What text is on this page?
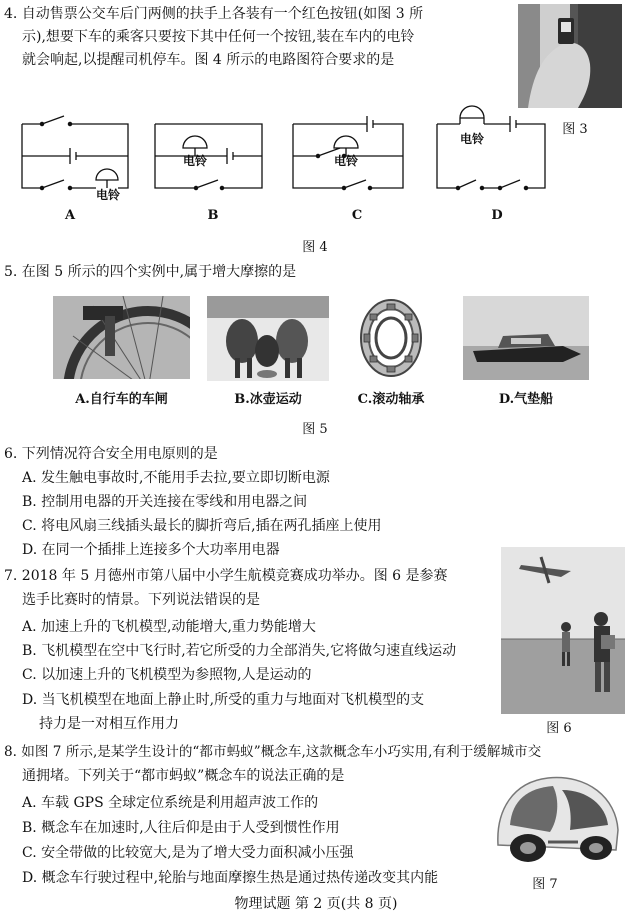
4. 自动售票公交车后门两侧的扶手上各装有一个红色按钮(如图 3 所
示),想要下车的乘客只要按下其中任何一个按钮,装在车内的电铃
就会响起,以提醒司机停车。图 4 所示的电路图符合要求的是
图 3
电铃
电铃	电铃
电铃
A	B	C	D
图 4
5. 在图 5 所示的四个实例中,属于增大摩擦的是
A.自行车的车闸	B.冰壶运动	C.滚动轴承	D.气垫船
图 5
6. 下列情况符合安全用电原则的是
A. 发生触电事故时,不能用手去拉,要立即切断电源
B. 控制用电器的开关连接在零线和用电器之间
C. 将电风扇三线插头最长的脚折弯后,插在两孔插座上使用
D. 在同一个插排上连接多个大功率用电器
7. 2018 年 5 月德州市第八届中小学生航模竞赛成功举办。图 6 是参赛
选手比赛时的情景。下列说法错误的是
A. 加速上升的飞机模型,动能增大,重力势能增大
B. 飞机模型在空中飞行时,若它所受的力全部消失,它将做匀速直线运动
C. 以加速上升的飞机模型为参照物,人是运动的
D. 当飞机模型在地面上静止时,所受的重力与地面对飞机模型的支
持力是一对相互作用力	图 6
8. 如图 7 所示,是某学生设计的“都市蚂蚁”概念车,这款概念车小巧实用,有利于缓解城市交
通拥堵。下列关于“都市蚂蚁”概念车的说法正确的是
A. 车载 GPS 全球定位系统是利用超声波工作的
B. 概念车在加速时,人往后仰是由于人受到惯性作用
C. 安全带做的比较宽大,是为了增大受力面积减小压强
D. 概念车行驶过程中,轮胎与地面摩擦生热是通过热传递改变其内能	图 7
物理试题 第 2 页(共 8 页)
